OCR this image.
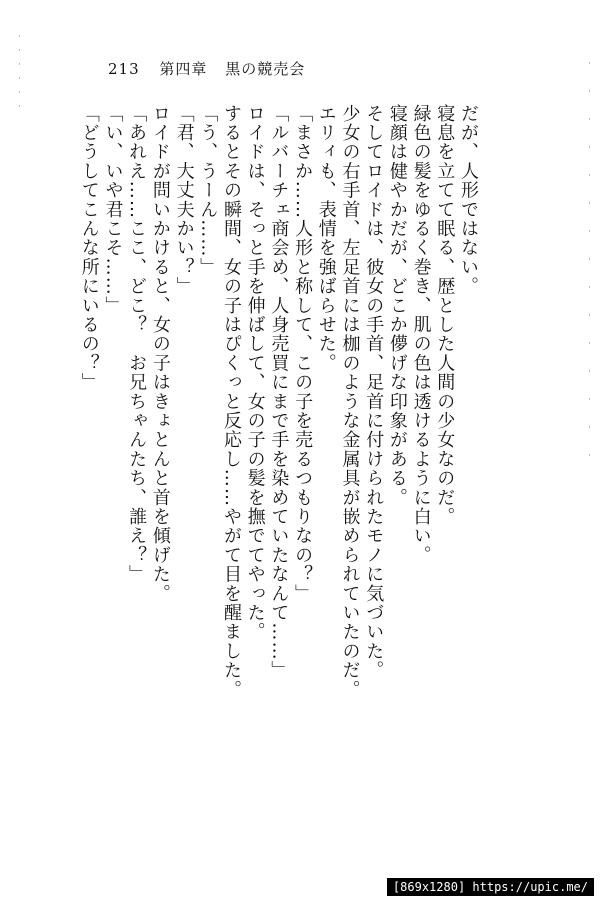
·
·
·
·
·
·
213 第四章 黒の競売会
だが、人形ではない。
寝息を立てて眠る、歴とした人間の少女なのだ。
緑色の髪をゆるく巻き、肌の色は透けるように白い。
寝顔は健やかだが、どこか儚げな印象がある。
そしてロイドは、彼女の手首、足首に付けられたモノに気づいた。
少女の右手首、左足首には枷のような金属具が嵌められていたのだ。
エリィも、表情を強ばらせた。
「まさか……人形と称して、この子を売るつもりなの？」
「ルバーチェ商会め、人身売買にまで手を染めていたなんて……」
ロイドは、そっと手を伸ばして、女の子の髪を撫でてやった。
するとその瞬間、女の子はぴくっと反応し……やがて目を醒ました。
「う、うーん……」
「君、大丈夫かい？」
ロイドが問いかけると、女の子はきょとんと首を傾げた。
「あれえ……ここ、どこ？　お兄ちゃんたち、誰え？」
「い、いや君こそ……」
「どうしてこんな所にいるの？」
·
·
·
·
·
·
·
·
·
·
·
·
·
·
·
[869x1280] https://upic.me/
